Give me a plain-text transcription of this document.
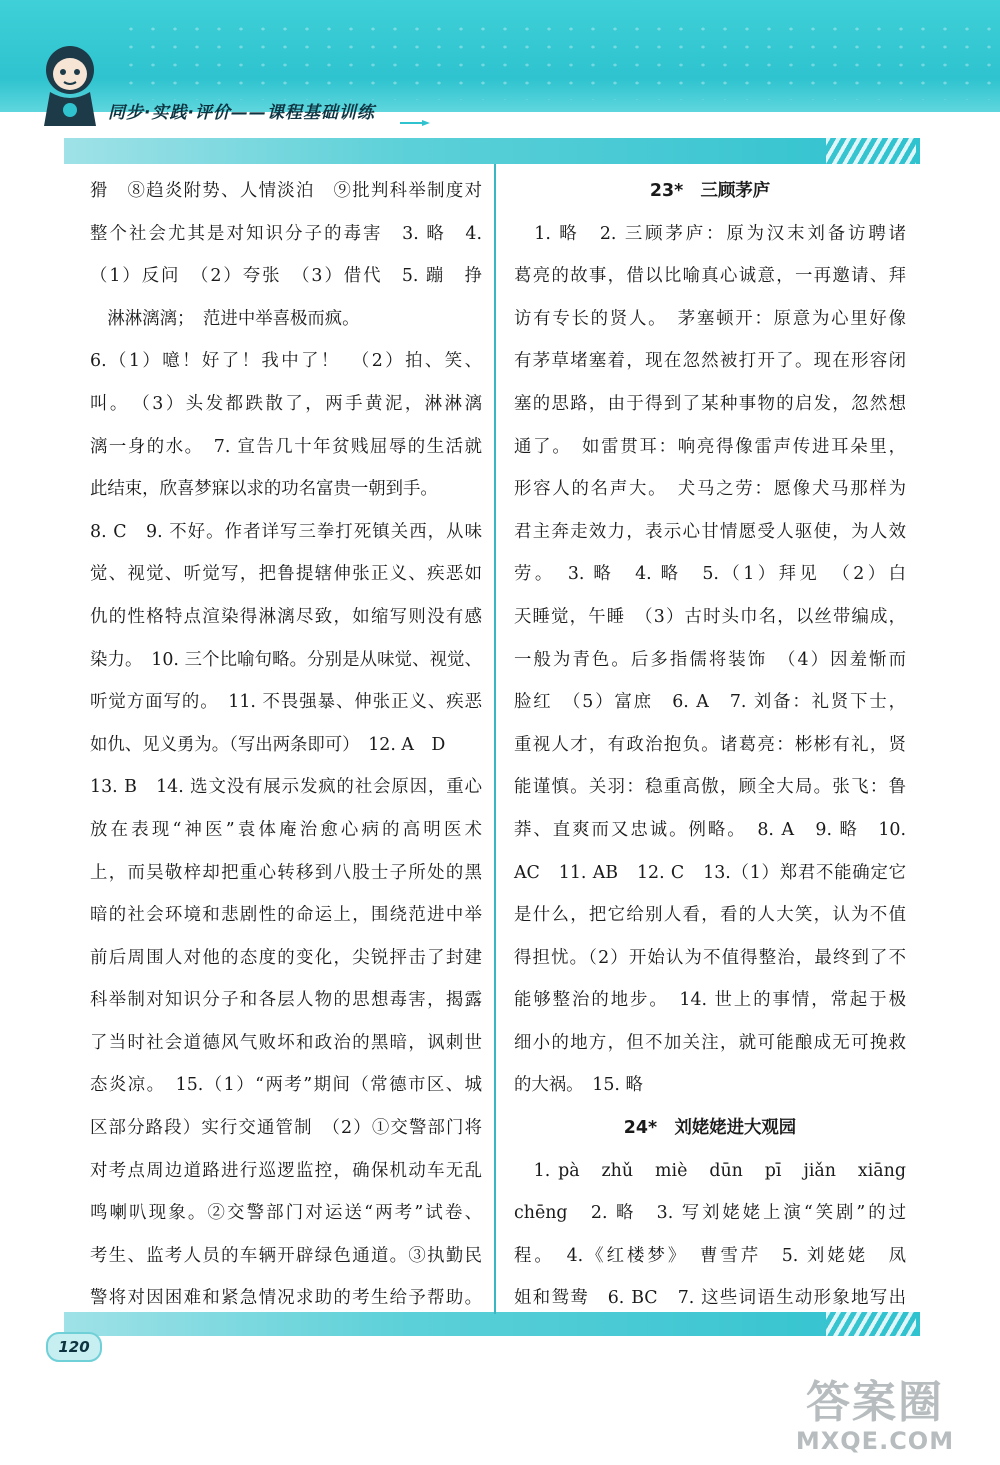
同步·实践·评价——课程基础训练
猾　⑧趋炎附势、人情淡泊　⑨批判科举制度对
整个社会尤其是对知识分子的毒害　3. 略　4.
（1）反问　（2）夸张　（3）借代　5. 蹦　挣
　淋淋漓漓；　范进中举喜极而疯。
6.（1）噫！好了！我中了！　（2）拍、笑、
叫。　（3）头发都跌散了，两手黄泥，淋淋漓
漓一身的水。　7. 宣告几十年贫贱屈辱的生活就
此结束，欣喜梦寐以求的功名富贵一朝到手。
8. C　9. 不好。作者详写三拳打死镇关西，从味
觉、视觉、听觉写，把鲁提辖伸张正义、疾恶如
仇的性格特点渲染得淋漓尽致，如缩写则没有感
染力。　10. 三个比喻句略。分别是从味觉、视觉、
听觉方面写的。　11. 不畏强暴、伸张正义、疾恶
如仇、见义勇为。（写出两条即可）　12. A　D
13. B　14. 选文没有展示发疯的社会原因，重心
放在表现“神医”袁体庵治愈心病的高明医术
上，而吴敬梓却把重心转移到八股士子所处的黑
暗的社会环境和悲剧性的命运上，围绕范进中举
前后周围人对他的态度的变化，尖锐抨击了封建
科举制对知识分子和各层人物的思想毒害，揭露
了当时社会道德风气败坏和政治的黑暗，讽刺世
态炎凉。　15.（1）“两考”期间（常德市区、城
区部分路段）实行交通管制　（2）①交警部门将
对考点周边道路进行巡逻监控，确保机动车无乱
鸣喇叭现象。②交警部门对运送“两考”试卷、
考生、监考人员的车辆开辟绿色通道。③执勤民
警将对因困难和紧急情况求助的考生给予帮助。
23*　三顾茅庐
　1. 略　2. 三顾茅庐：原为汉末刘备访聘诸
葛亮的故事，借以比喻真心诚意，一再邀请、拜
访有专长的贤人。　茅塞顿开：原意为心里好像
有茅草堵塞着，现在忽然被打开了。现在形容闭
塞的思路，由于得到了某种事物的启发，忽然想
通了。　如雷贯耳：响亮得像雷声传进耳朵里，
形容人的名声大。　犬马之劳：愿像犬马那样为
君主奔走效力，表示心甘情愿受人驱使，为人效
劳。　3. 略　4. 略　5.（1）拜见　（2）白
天睡觉，午睡　（3）古时头巾名，以丝带编成，
一般为青色。后多指儒将装饰　（4）因羞惭而
脸红　（5）富庶　6. A　7. 刘备：礼贤下士，
重视人才，有政治抱负。诸葛亮：彬彬有礼，贤
能谨慎。关羽：稳重高傲，顾全大局。张飞：鲁
莽、直爽而又忠诚。例略。　8. A　9. 略　10.
AC　11. AB　12. C　13.（1）郑君不能确定它
是什么，把它给别人看，看的人大笑，认为不值
得担忧。（2）开始认为不值得整治，最终到了不
能够整治的地步。　14. 世上的事情，常起于极
细小的地方，但不加关注，就可能酿成无可挽救
的大祸。　15. 略
24*　刘姥姥进大观园
　1. pà　zhǔ　miè　dūn　pī　jiǎn　xiāng
chēng　2. 略　3. 写刘姥姥上演“笑剧”的过
程。　4.《红楼梦》　曹雪芹　5. 刘姥姥　凤
姐和鸳鸯　6. BC　7. 这些词语生动形象地写出
120
答案圈
MXQE.COM
